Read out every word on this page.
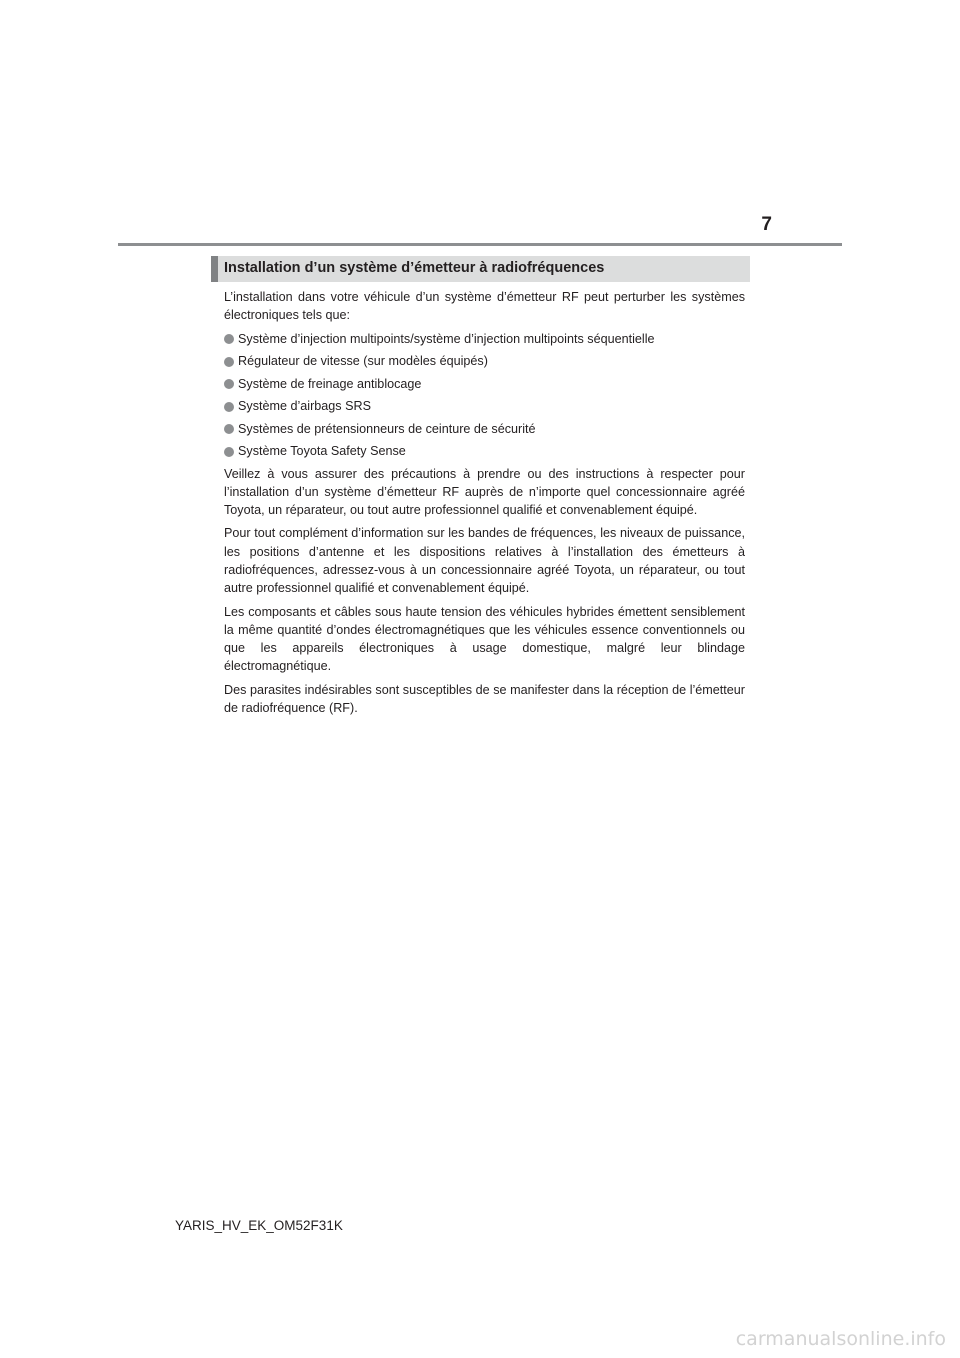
7
Installation d’un système d’émetteur à radiofréquences

L’installation dans votre véhicule d’un système d’émetteur RF peut perturber les systèmes électroniques tels que:

Système d’injection multipoints/système d’injection multipoints séquentielle
Régulateur de vitesse (sur modèles équipés)
Système de freinage antiblocage
Système d’airbags SRS
Systèmes de prétensionneurs de ceinture de sécurité
Système Toyota Safety Sense

Veillez à vous assurer des précautions à prendre ou des instructions à respecter pour l’installation d’un système d’émetteur RF auprès de n’importe quel concessionnaire agréé Toyota, un réparateur, ou tout autre professionnel qualifié et convenablement équipé.

Pour tout complément d’information sur les bandes de fréquences, les niveaux de puissance, les positions d’antenne et les dispositions relatives à l’installation des émetteurs à radiofréquences, adressez-vous à un concessionnaire agréé Toyota, un réparateur, ou tout autre professionnel qualifié et convenablement équipé.

Les composants et câbles sous haute tension des véhicules hybrides émettent sensiblement la même quantité d’ondes électromagnétiques que les véhicules essence conventionnels ou que les appareils électroniques à usage domestique, malgré leur blindage électromagnétique.

Des parasites indésirables sont susceptibles de se manifester dans la réception de l’émetteur de radiofréquence (RF).

YARIS_HV_EK_OM52F31K
carmanualsonline.info
